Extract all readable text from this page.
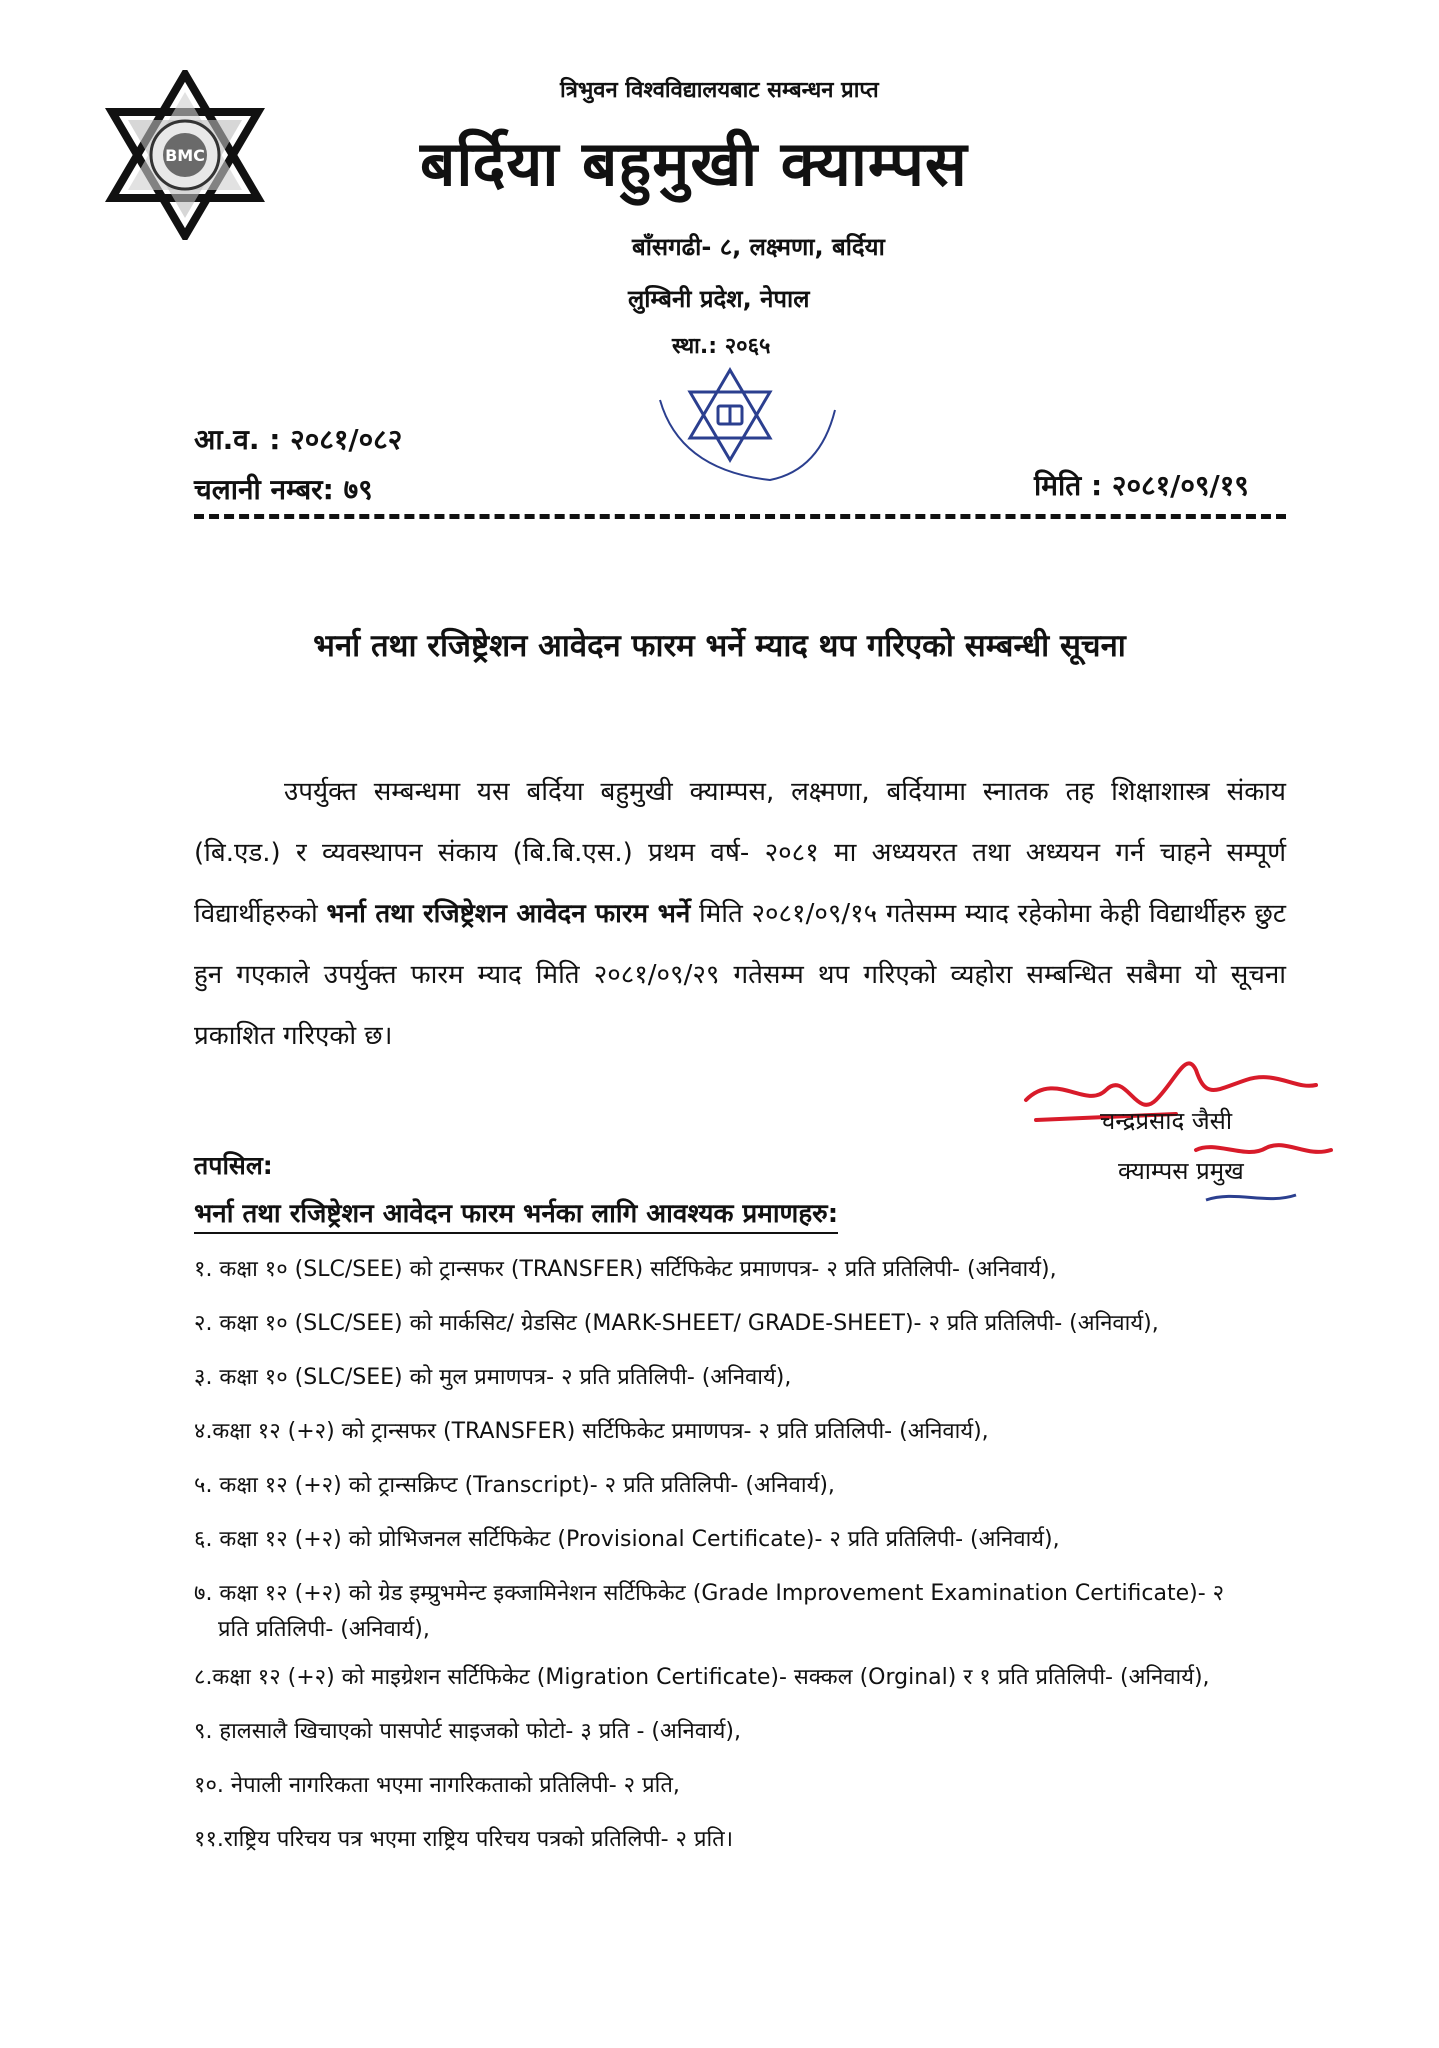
BMC
त्रिभुवन विश्वविद्यालयबाट सम्बन्धन प्राप्त
बर्दिया बहुमुखी क्याम्पस
बाँसगढी- ८, लक्ष्मणा, बर्दिया
लुम्बिनी प्रदेश, नेपाल
स्था.: २०६५
आ.व. : २०८१/०८२
चलानी नम्बर: ७९	मिति : २०८१/०९/१९
भर्ना तथा रजिष्ट्रेशन आवेदन फारम भर्ने म्याद थप गरिएको सम्बन्धी सूचना
उपर्युक्त सम्बन्धमा यस बर्दिया बहुमुखी क्याम्पस, लक्ष्मणा, बर्दियामा स्नातक तह शिक्षाशास्त्र संकाय (बि.एड.) र व्यवस्थापन संकाय (बि.बि.एस.) प्रथम वर्ष- २०८१ मा अध्ययरत तथा अध्ययन गर्न चाहने सम्पूर्ण विद्यार्थीहरुको भर्ना तथा रजिष्ट्रेशन आवेदन फारम भर्ने मिति २०८१/०९/१५ गतेसम्म म्याद रहेकोमा केही विद्यार्थीहरु छुट हुन गएकाले उपर्युक्त फारम म्याद मिति २०८१/०९/२९ गतेसम्म थप गरिएको व्यहोरा सम्बन्धित सबैमा यो सूचना प्रकाशित गरिएको छ।
चन्द्रप्रसाद जैसी
क्याम्पस प्रमुख
तपसिल:
भर्ना तथा रजिष्ट्रेशन आवेदन फारम भर्नका लागि आवश्यक प्रमाणहरु:
१. कक्षा १० (SLC/SEE) को ट्रान्सफर (TRANSFER) सर्टिफिकेट प्रमाणपत्र- २ प्रति प्रतिलिपी- (अनिवार्य),
२. कक्षा १० (SLC/SEE) को मार्कसिट/ ग्रेडसिट (MARK-SHEET/ GRADE-SHEET)- २ प्रति प्रतिलिपी- (अनिवार्य),
३. कक्षा १० (SLC/SEE) को मुल प्रमाणपत्र- २ प्रति प्रतिलिपी- (अनिवार्य),
४.कक्षा १२ (+२) को ट्रान्सफर (TRANSFER) सर्टिफिकेट प्रमाणपत्र- २ प्रति प्रतिलिपी- (अनिवार्य),
५. कक्षा १२ (+२) को ट्रान्सक्रिप्ट (Transcript)- २ प्रति प्रतिलिपी- (अनिवार्य),
६. कक्षा १२ (+२) को प्रोभिजनल सर्टिफिकेट (Provisional Certificate)- २ प्रति प्रतिलिपी- (अनिवार्य),
७. कक्षा १२ (+२) को ग्रेड इम्प्रुभमेन्ट इक्जामिनेशन सर्टिफिकेट (Grade Improvement Examination Certificate)- २
प्रति प्रतिलिपी- (अनिवार्य),
८.कक्षा १२ (+२) को माइग्रेशन सर्टिफिकेट (Migration Certificate)- सक्कल (Orginal) र १ प्रति प्रतिलिपी- (अनिवार्य),
९. हालसालै खिचाएको पासपोर्ट साइजको फोटो- ३ प्रति - (अनिवार्य),
१०. नेपाली नागरिकता भएमा नागरिकताको प्रतिलिपी- २ प्रति,
११.राष्ट्रिय परिचय पत्र भएमा राष्ट्रिय परिचय पत्रको प्रतिलिपी- २ प्रति।
